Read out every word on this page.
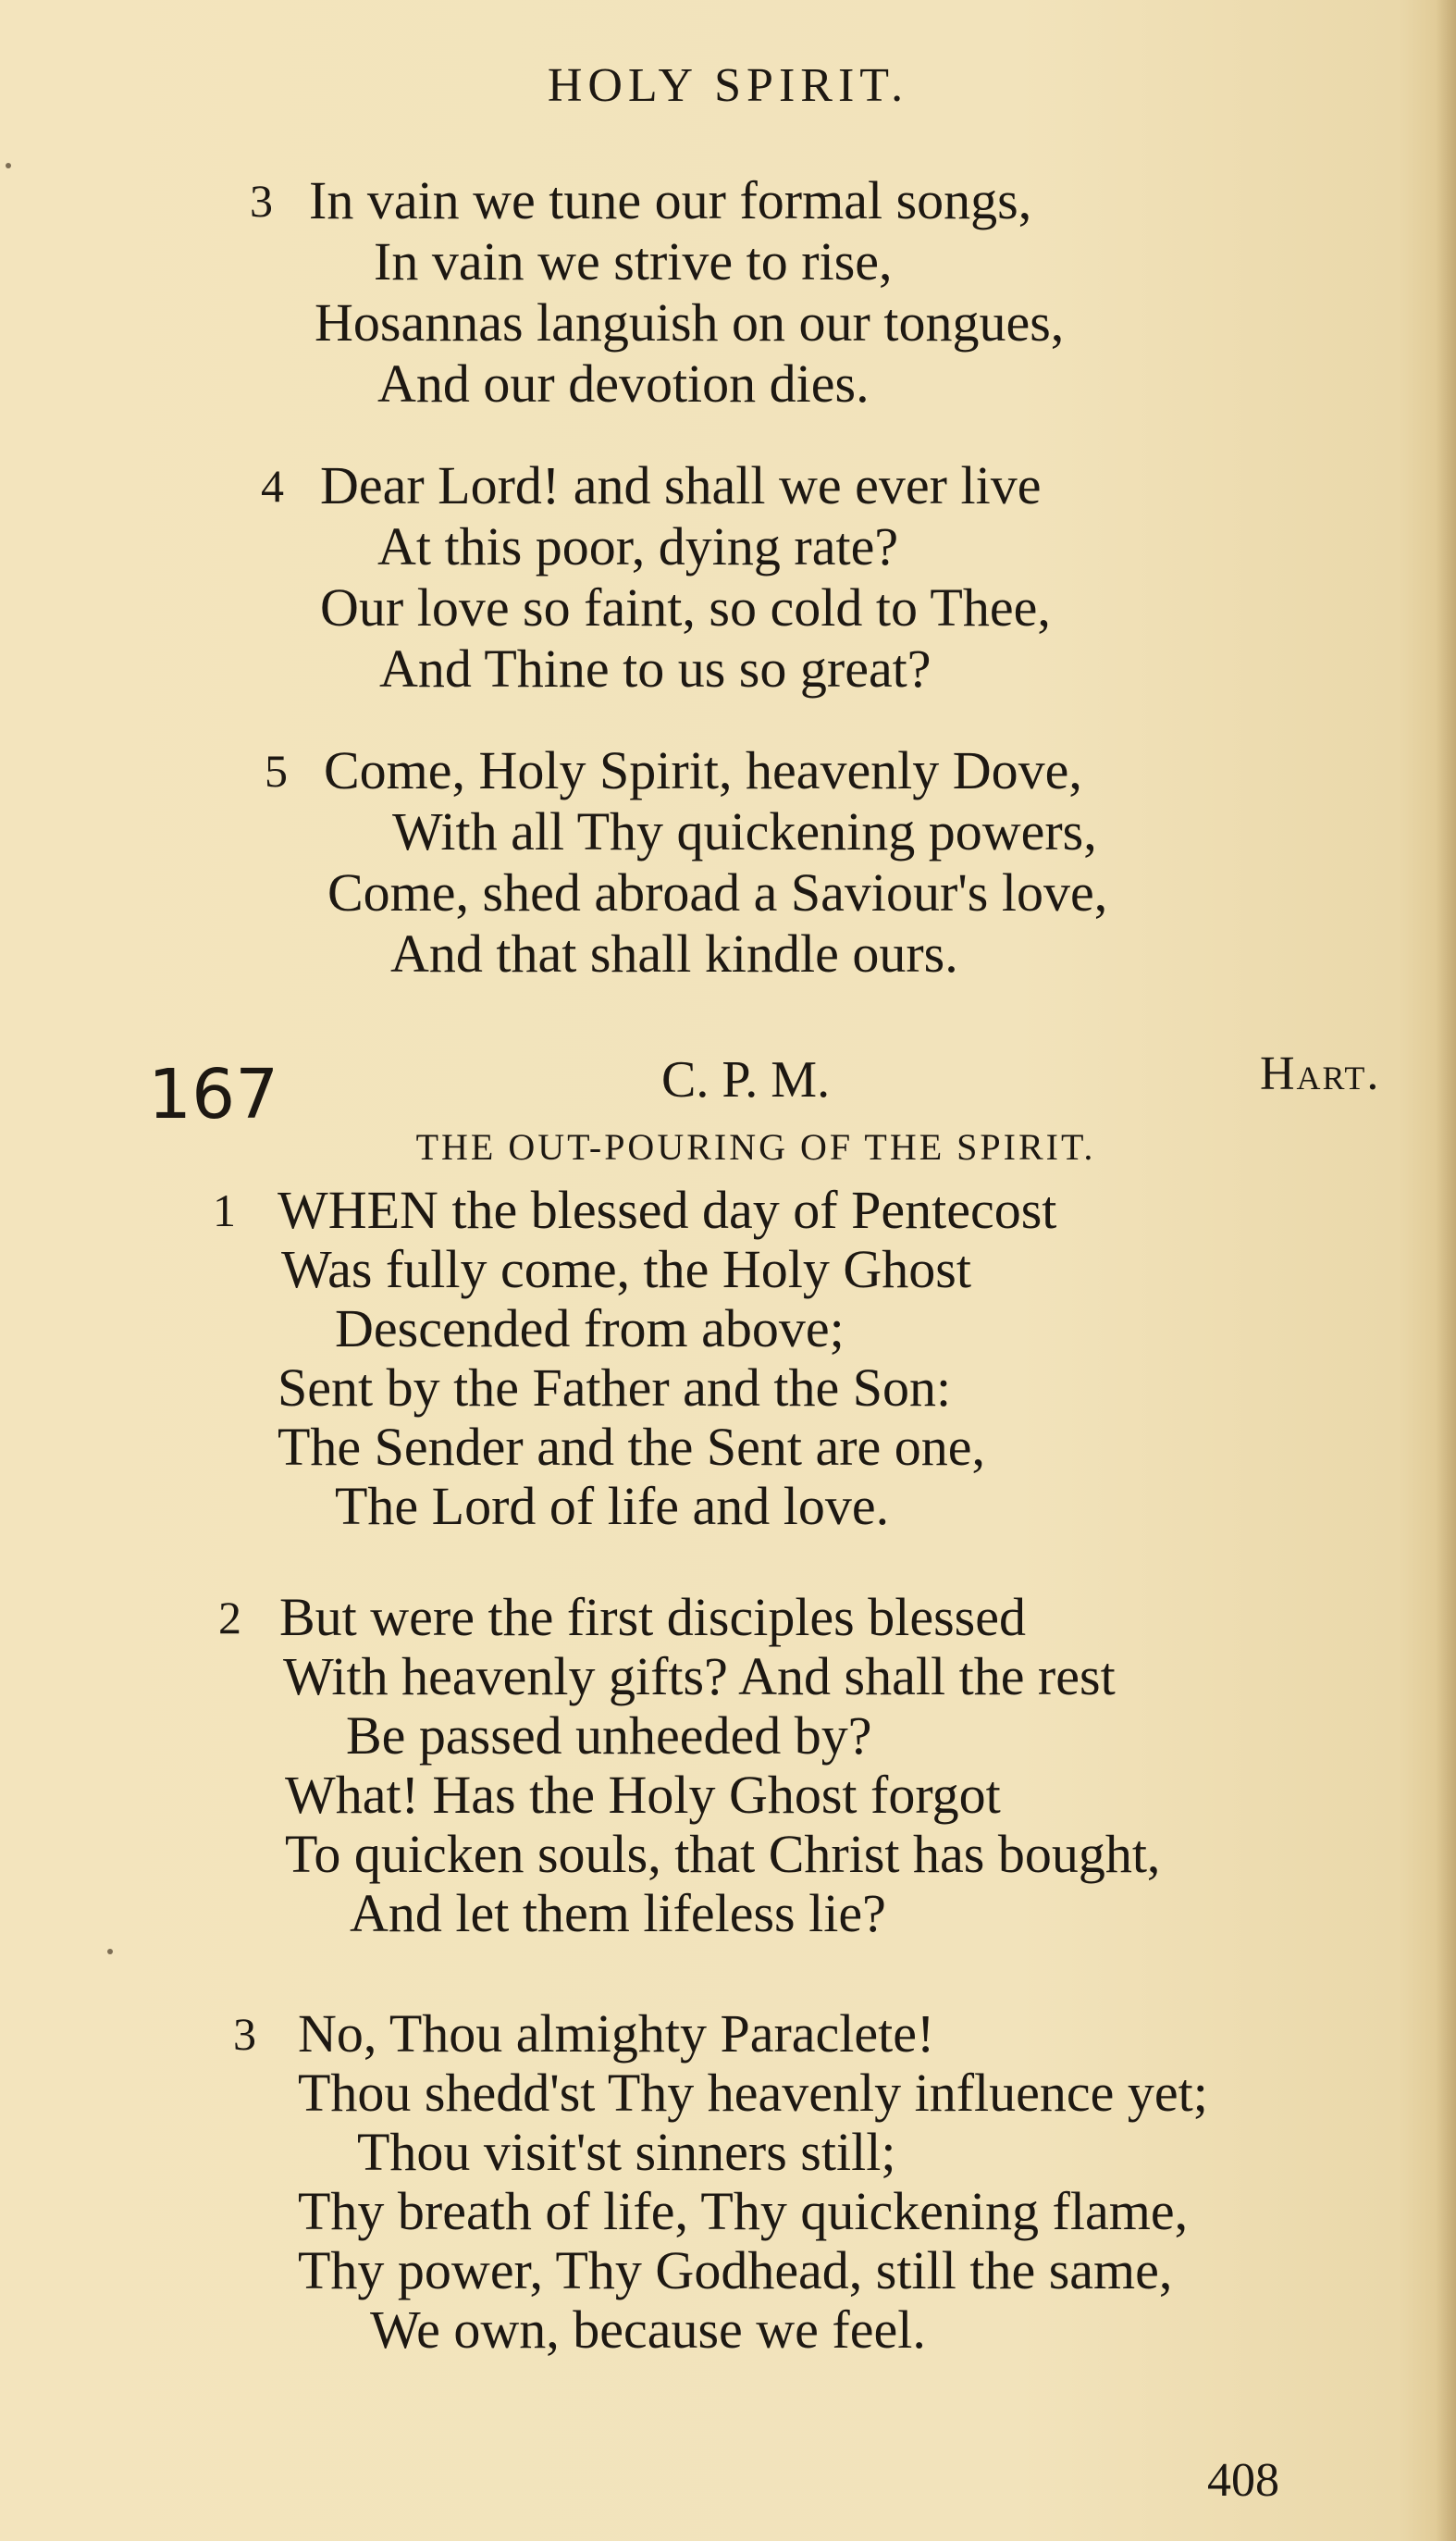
HOLY SPIRIT.
3 In vain we tune our formal songs,
In vain we strive to rise,
Hosannas languish on our tongues,
And our devotion dies.
4 Dear Lord! and shall we ever live
At this poor, dying rate?
Our love so faint, so cold to Thee,
And Thine to us so great?
5 Come, Holy Spirit, heavenly Dove,
With all Thy quickening powers,
Come, shed abroad a Saviour's love,
And that shall kindle ours.
167	C. P. M.	Hart.
THE OUT-POURING OF THE SPIRIT.
1 WHEN the blessed day of Pentecost
Was fully come, the Holy Ghost
Descended from above;
Sent by the Father and the Son:
The Sender and the Sent are one,
The Lord of life and love.
2 But were the first disciples blessed
With heavenly gifts? And shall the rest
Be passed unheeded by?
What! Has the Holy Ghost forgot
To quicken souls, that Christ has bought,
And let them lifeless lie?
3 No, Thou almighty Paraclete!
Thou shedd'st Thy heavenly influence yet;
Thou visit'st sinners still;
Thy breath of life, Thy quickening flame,
Thy power, Thy Godhead, still the same,
We own, because we feel.
408
